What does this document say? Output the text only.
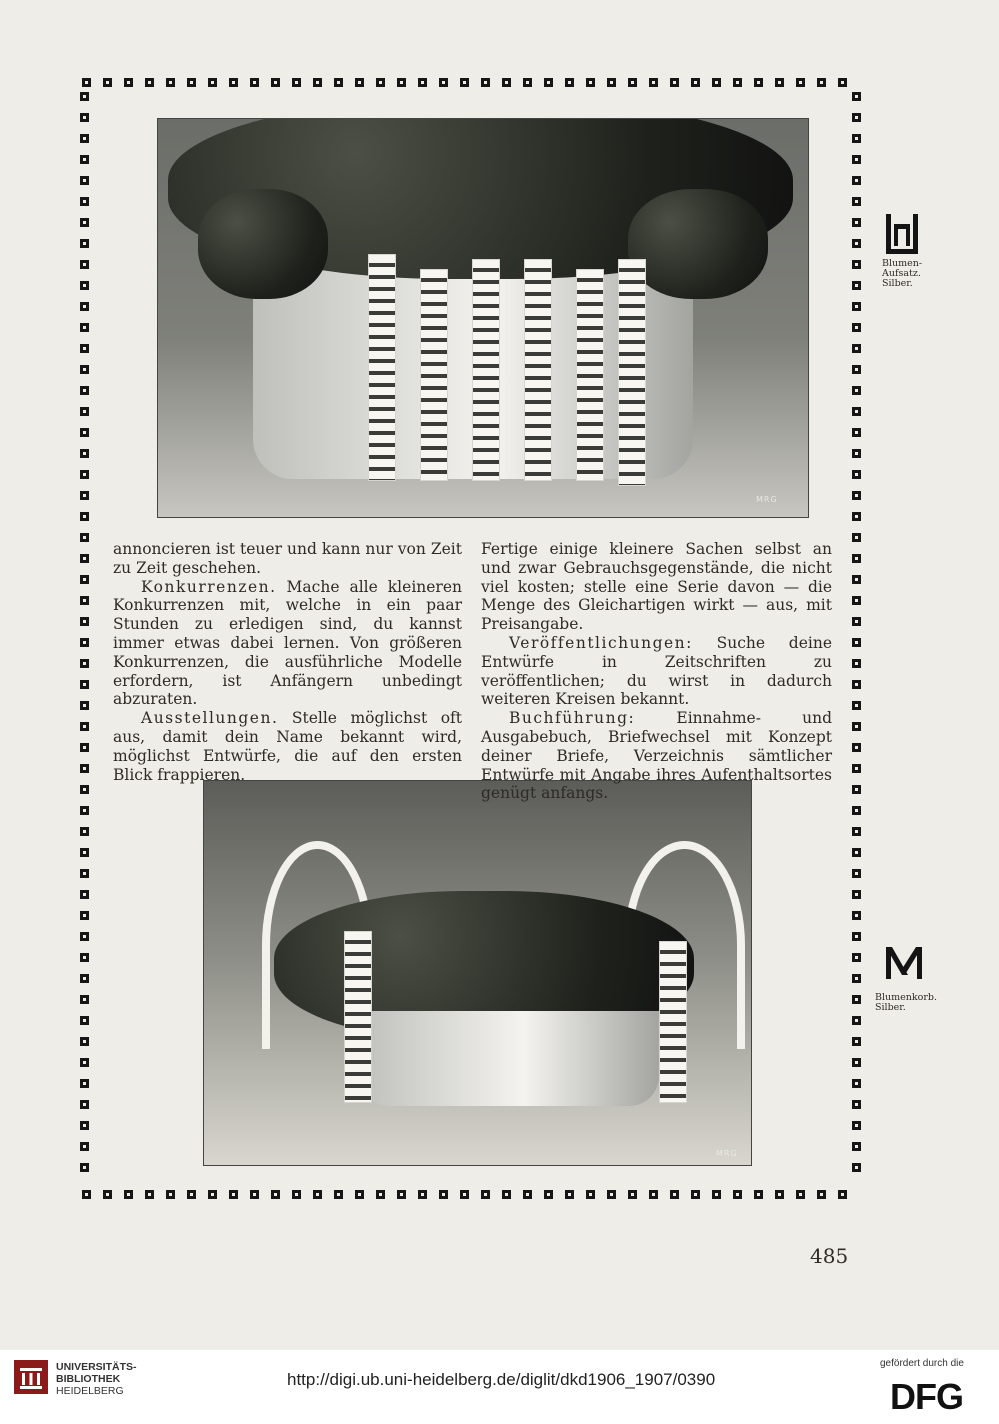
MRG
MRG

annoncieren ist teuer und kann nur von Zeit zu Zeit geschehen.

Konkurrenzen. Mache alle kleineren Konkurrenzen mit, welche in ein paar Stunden zu erledigen sind, du kannst immer etwas dabei lernen. Von größeren Konkurrenzen, die ausführliche Modelle erfordern, ist Anfängern unbedingt abzuraten.

Ausstellungen. Stelle möglichst oft aus, damit dein Name bekannt wird, möglichst Entwürfe, die auf den ersten Blick frappieren.

Fertige einige kleinere Sachen selbst an und zwar Gebrauchsgegenstände, die nicht viel kosten; stelle eine Serie davon — die Menge des Gleichartigen wirkt — aus, mit Preisangabe.

Veröffentlichungen: Suche deine Entwürfe in Zeitschriften zu veröffentlichen; du wirst in dadurch weiteren Kreisen bekannt.

Buchführung: Einnahme- und Ausgabebuch, Briefwechsel mit Konzept deiner Briefe, Verzeichnis sämtlicher Entwürfe mit Angabe ihres Aufenthaltsortes genügt anfangs.

Blumen-
Aufsatz.
Silber.
Blumenkorb.
Silber.
485
UNIVERSITÄTS-
BIBLIOTHEK
HEIDELBERG
http://digi.ub.uni-heidelberg.de/diglit/dkd1906_1907/0390
gefördert durch die
DFG
